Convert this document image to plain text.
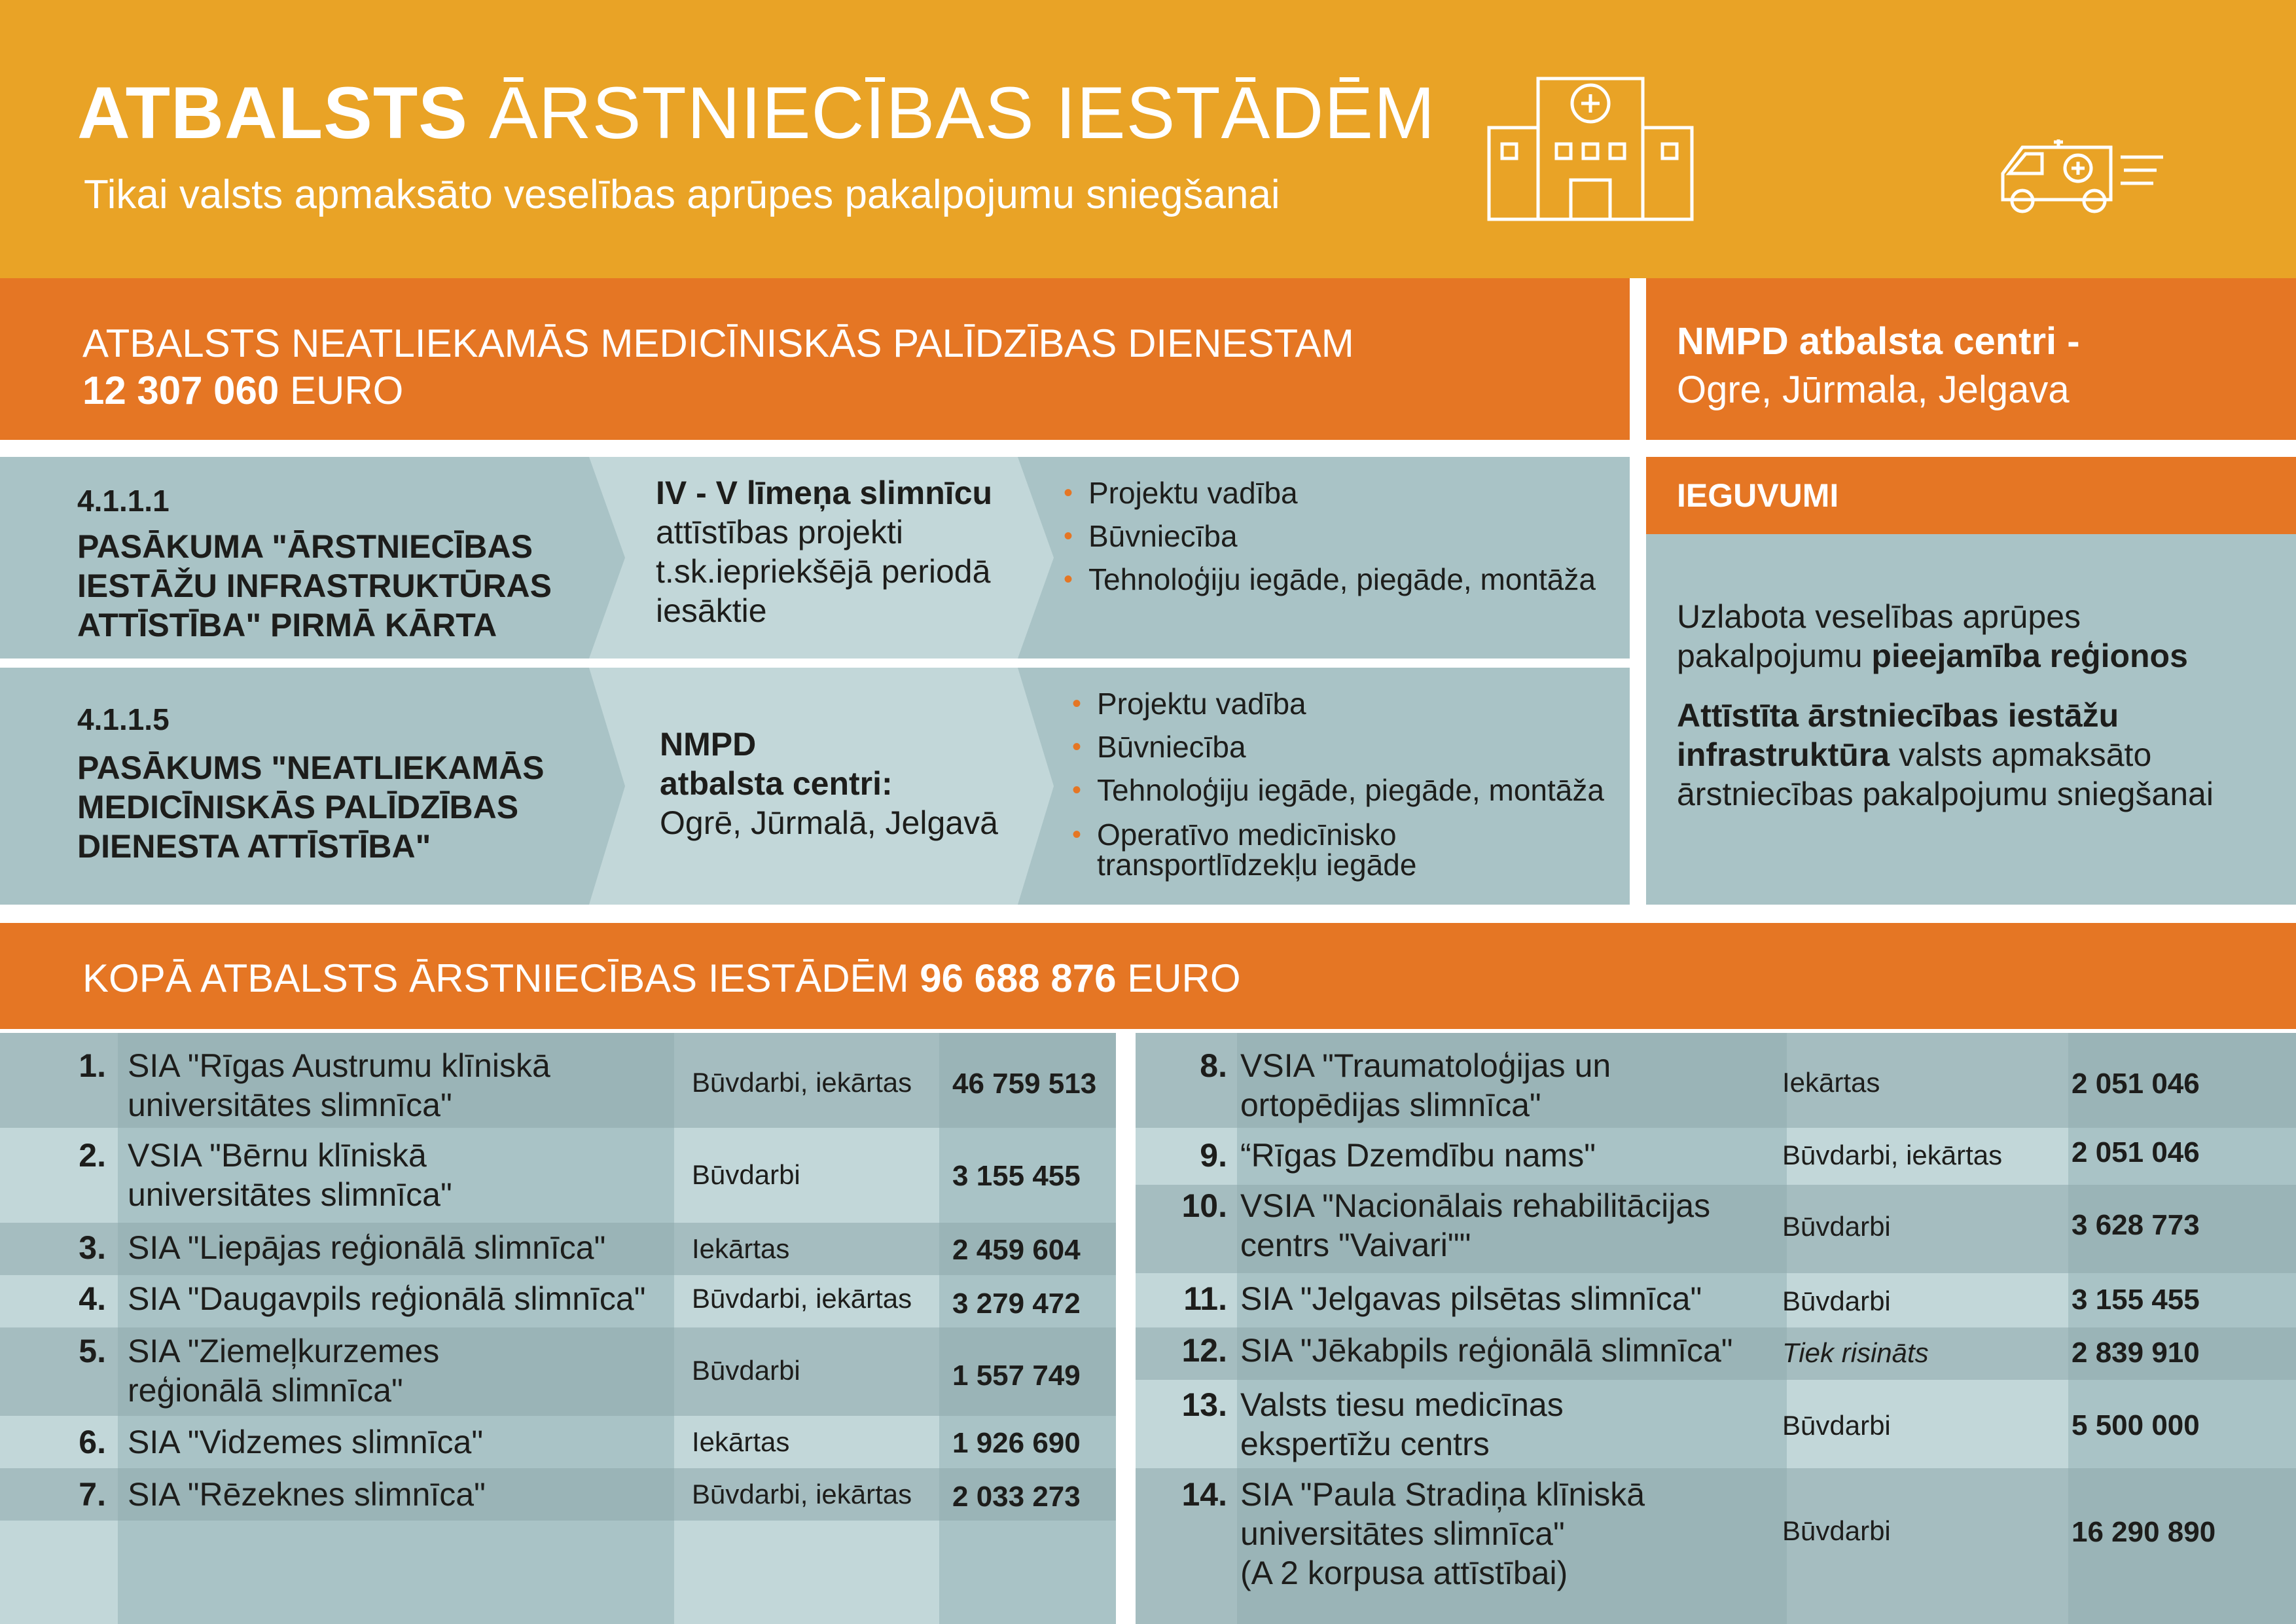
ATBALSTS ĀRSTNIECĪBAS IESTĀDĒM
Tikai valsts apmaksāto veselības aprūpes pakalpojumu sniegšanai
ATBALSTS NEATLIEKAMĀS MEDICĪNISKĀS PALĪDZĪBAS DIENESTAM
12 307 060 EURO
NMPD atbalsta centri -
Ogre, Jūrmala, Jelgava
4.1.1.1
PASĀKUMA "ĀRSTNIECĪBAS
IESTĀŽU INFRASTRUKTŪRAS
ATTĪSTĪBA" PIRMĀ KĀRTA
IV - V līmeņa slimnīcu
attīstības projekti
t.sk.iepriekšējā periodā
iesāktie
• Projektu vadība
• Būvniecība
• Tehnoloģiju iegāde, piegāde, montāža
4.1.1.5
PASĀKUMS "NEATLIEKAMĀS
MEDICĪNISKĀS PALĪDZĪBAS
DIENESTA ATTĪSTĪBA"
NMPD
atbalsta centri:
Ogrē, Jūrmalā, Jelgavā
• Projektu vadība
• Būvniecība
• Tehnoloģiju iegāde, piegāde, montāža
• Operatīvo medicīnisko
transportlīdzekļu iegāde
IEGUVUMI
Uzlabota veselības aprūpes
pakalpojumu pieejamība reģionos
Attīstīta ārstniecības iestāžu
infrastruktūra valsts apmaksāto
ārstniecības pakalpojumu sniegšanai
KOPĀ ATBALSTS ĀRSTNIECĪBAS IESTĀDĒM 96 688 876 EURO
1. SIA "Rīgas Austrumu klīniskā
universitātes slimnīca"
Būvdarbi, iekārtas 46 759 513
2. VSIA "Bērnu klīniskā
universitātes slimnīca"
Būvdarbi	3 155 455
3. SIA "Liepājas reģionālā slimnīca"	Iekārtas	2 459 604
4. SIA "Daugavpils reģionālā slimnīca" Būvdarbi, iekārtas 3 279 472
5. SIA "Ziemeļkurzemes
reģionālā slimnīca"
Būvdarbi	1 557 749
6. SIA "Vidzemes slimnīca"	Iekārtas	1 926 690
7. SIA "Rēzeknes slimnīca"	Būvdarbi, iekārtas 2 033 273
8. VSIA "Traumatoloģijas un
ortopēdijas slimnīca"
Iekārtas	2 051 046
9. “Rīgas Dzemdību nams"	Būvdarbi, iekārtas 2 051 046
10. VSIA "Nacionālais rehabilitācijas
centrs "Vaivari""
Būvdarbi	3 628 773
11. SIA "Jelgavas pilsētas slimnīca"	Būvdarbi	3 155 455
12. SIA "Jēkabpils reģionālā slimnīca" Tiek risināts	2 839 910
13. Valsts tiesu medicīnas
ekspertīžu centrs
Būvdarbi	5 500 000
14. SIA "Paula Stradiņa klīniskā
universitātes slimnīca"
(A 2 korpusa attīstībai)
Būvdarbi	16 290 890
